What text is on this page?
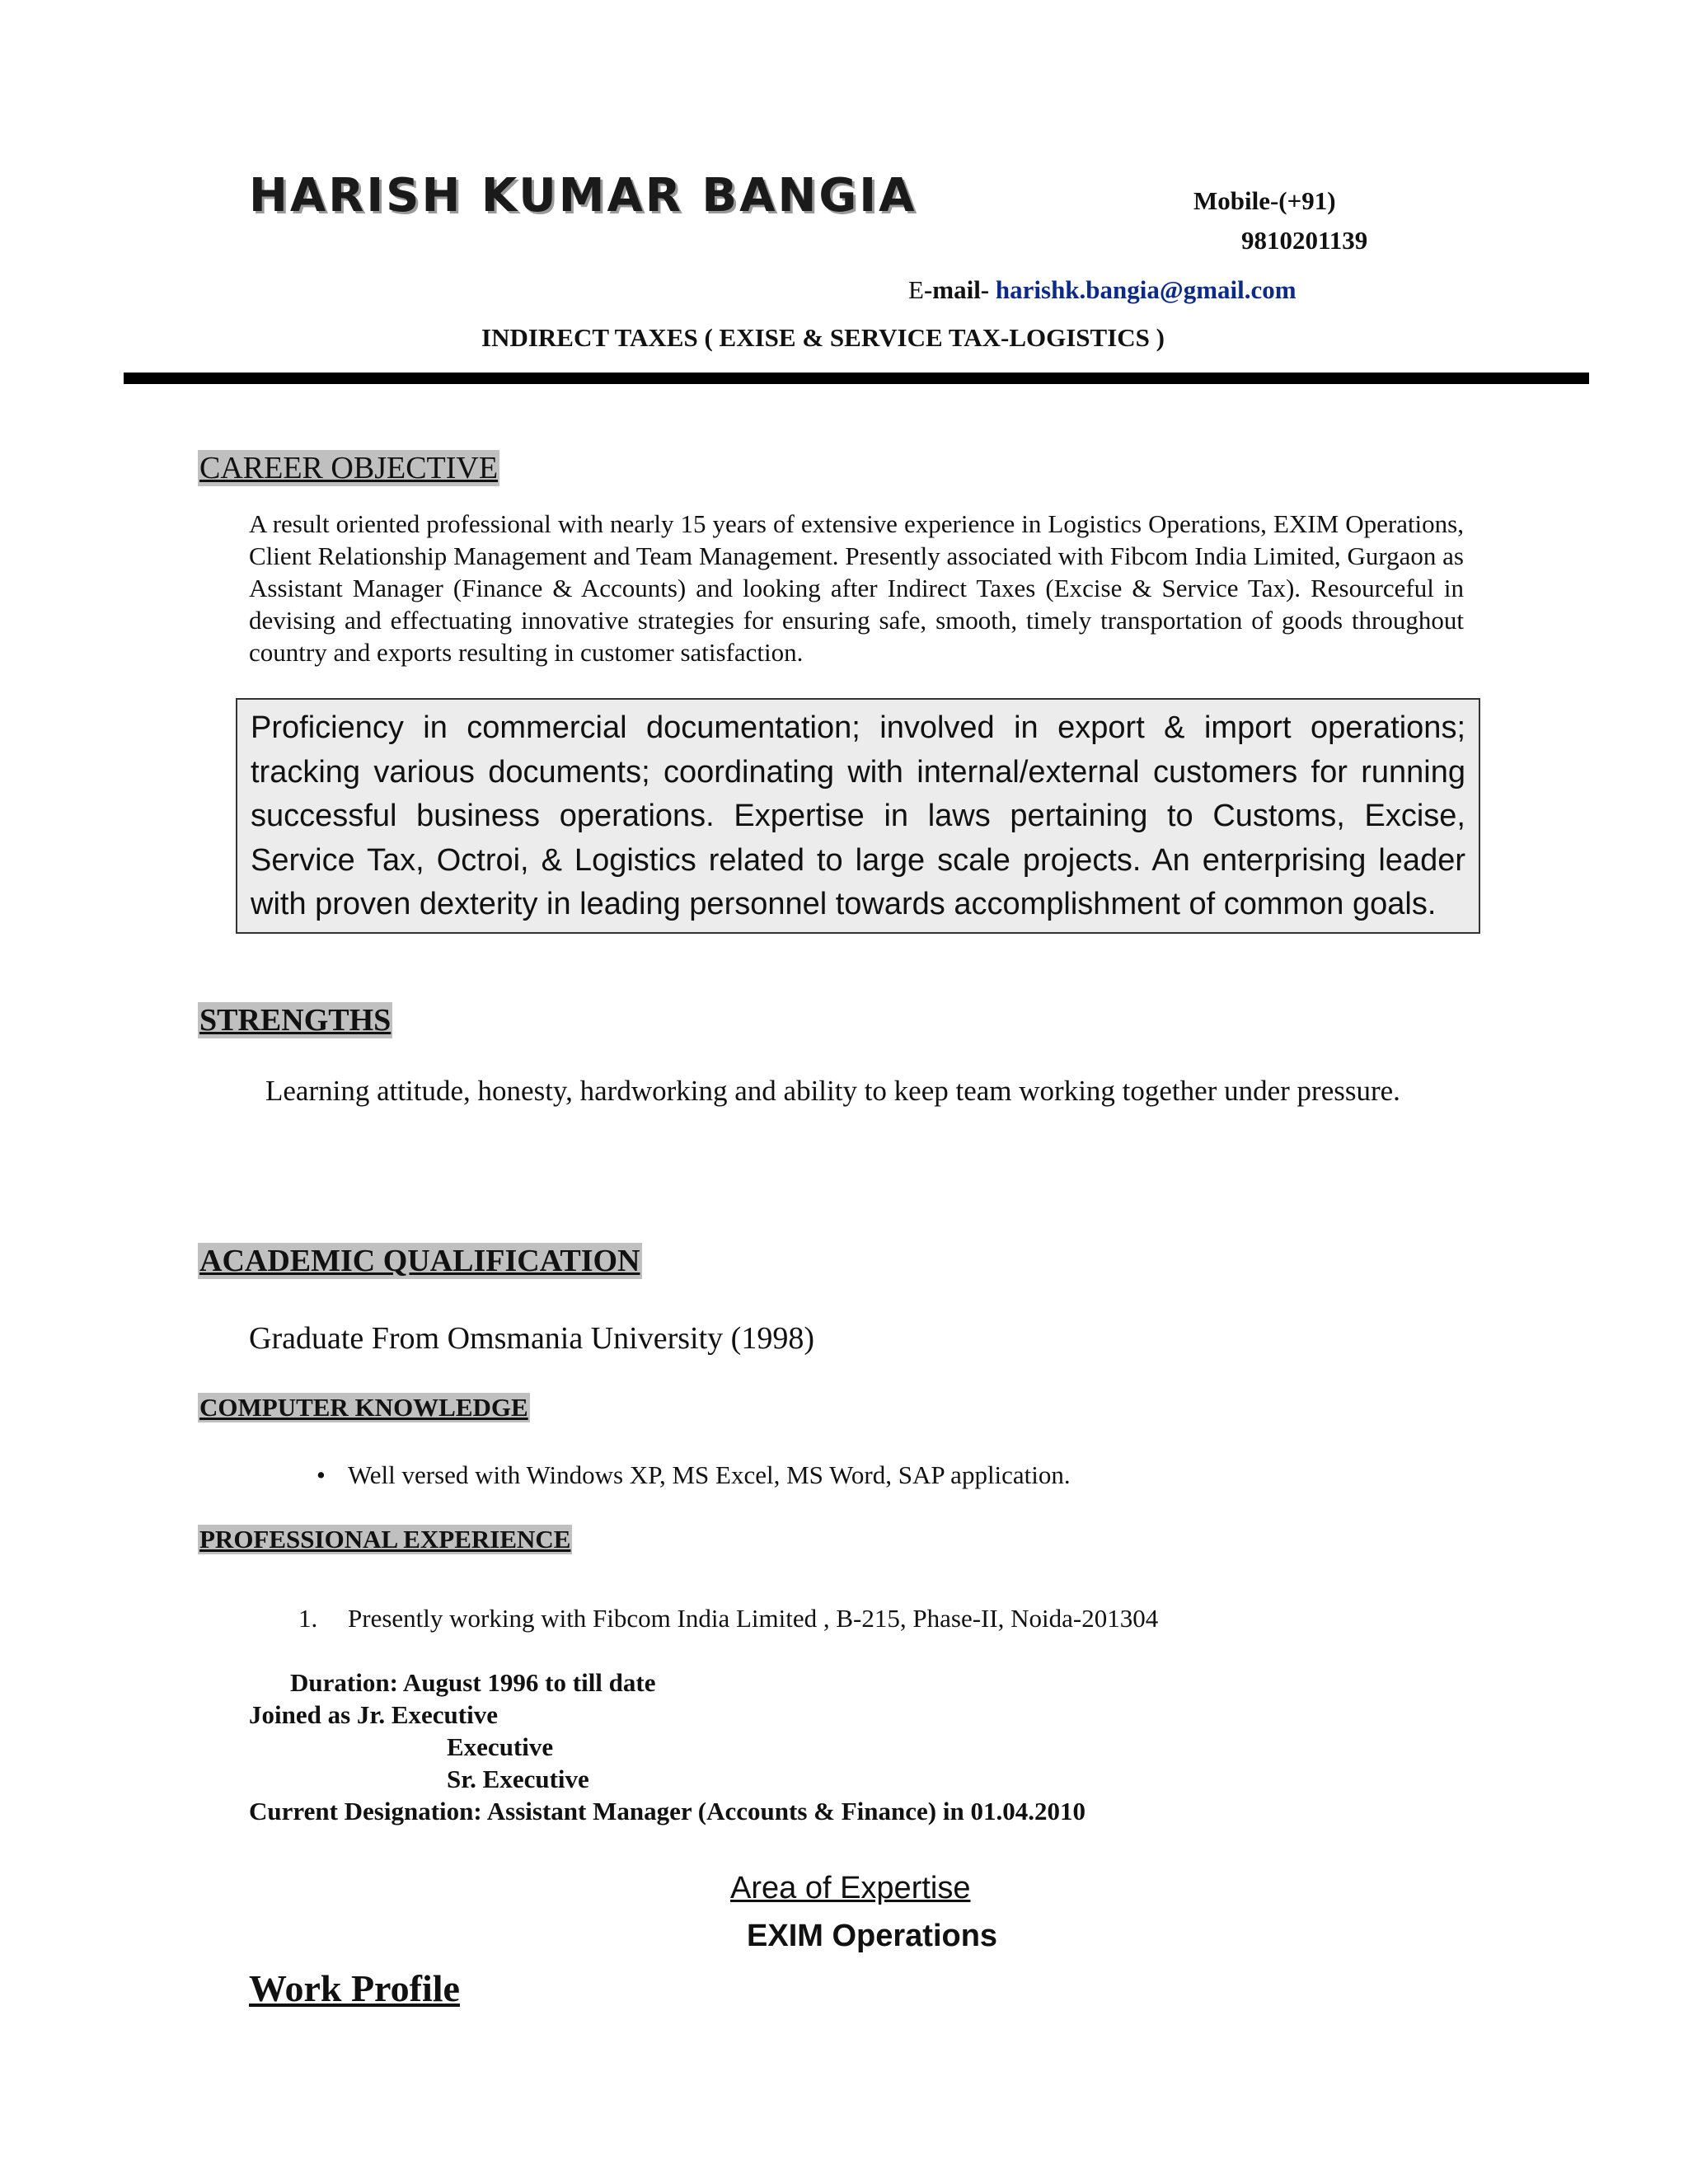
HARISH KUMAR BANGIA	Mobile-(+91)
9810201139
E-mail- harishk.bangia@gmail.com
INDIRECT TAXES ( EXISE & SERVICE TAX-LOGISTICS )
CAREER OBJECTIVE
A result oriented professional with nearly 15 years of extensive experience in Logistics Operations, EXIM Operations, Client Relationship Management and Team Management. Presently associated with Fibcom India Limited, Gurgaon as Assistant Manager (Finance & Accounts) and looking after Indirect Taxes (Excise & Service Tax). Resourceful in devising and effectuating innovative strategies for ensuring safe, smooth, timely transportation of goods throughout country and exports resulting in customer satisfaction.
Proficiency in commercial documentation; involved in export & import operations; tracking various documents; coordinating with internal/external customers for running successful business operations. Expertise in laws pertaining to Customs, Excise, Service Tax, Octroi, & Logistics related to large scale projects. An enterprising leader with proven dexterity in leading personnel towards accomplishment of common goals.
STRENGTHS
Learning attitude, honesty, hardworking and ability to keep team working together under pressure.
ACADEMIC QUALIFICATION
Graduate From Omsmania University (1998)
COMPUTER KNOWLEDGE
• Well versed with Windows XP, MS Excel, MS Word, SAP application.
PROFESSIONAL EXPERIENCE
1. Presently working with Fibcom India Limited , B-215, Phase-II, Noida-201304
Duration: August 1996 to till date
Joined as Jr. Executive
Executive
Sr. Executive
Current Designation: Assistant Manager (Accounts & Finance) in 01.04.2010
Area of Expertise
EXIM Operations
Work Profile
